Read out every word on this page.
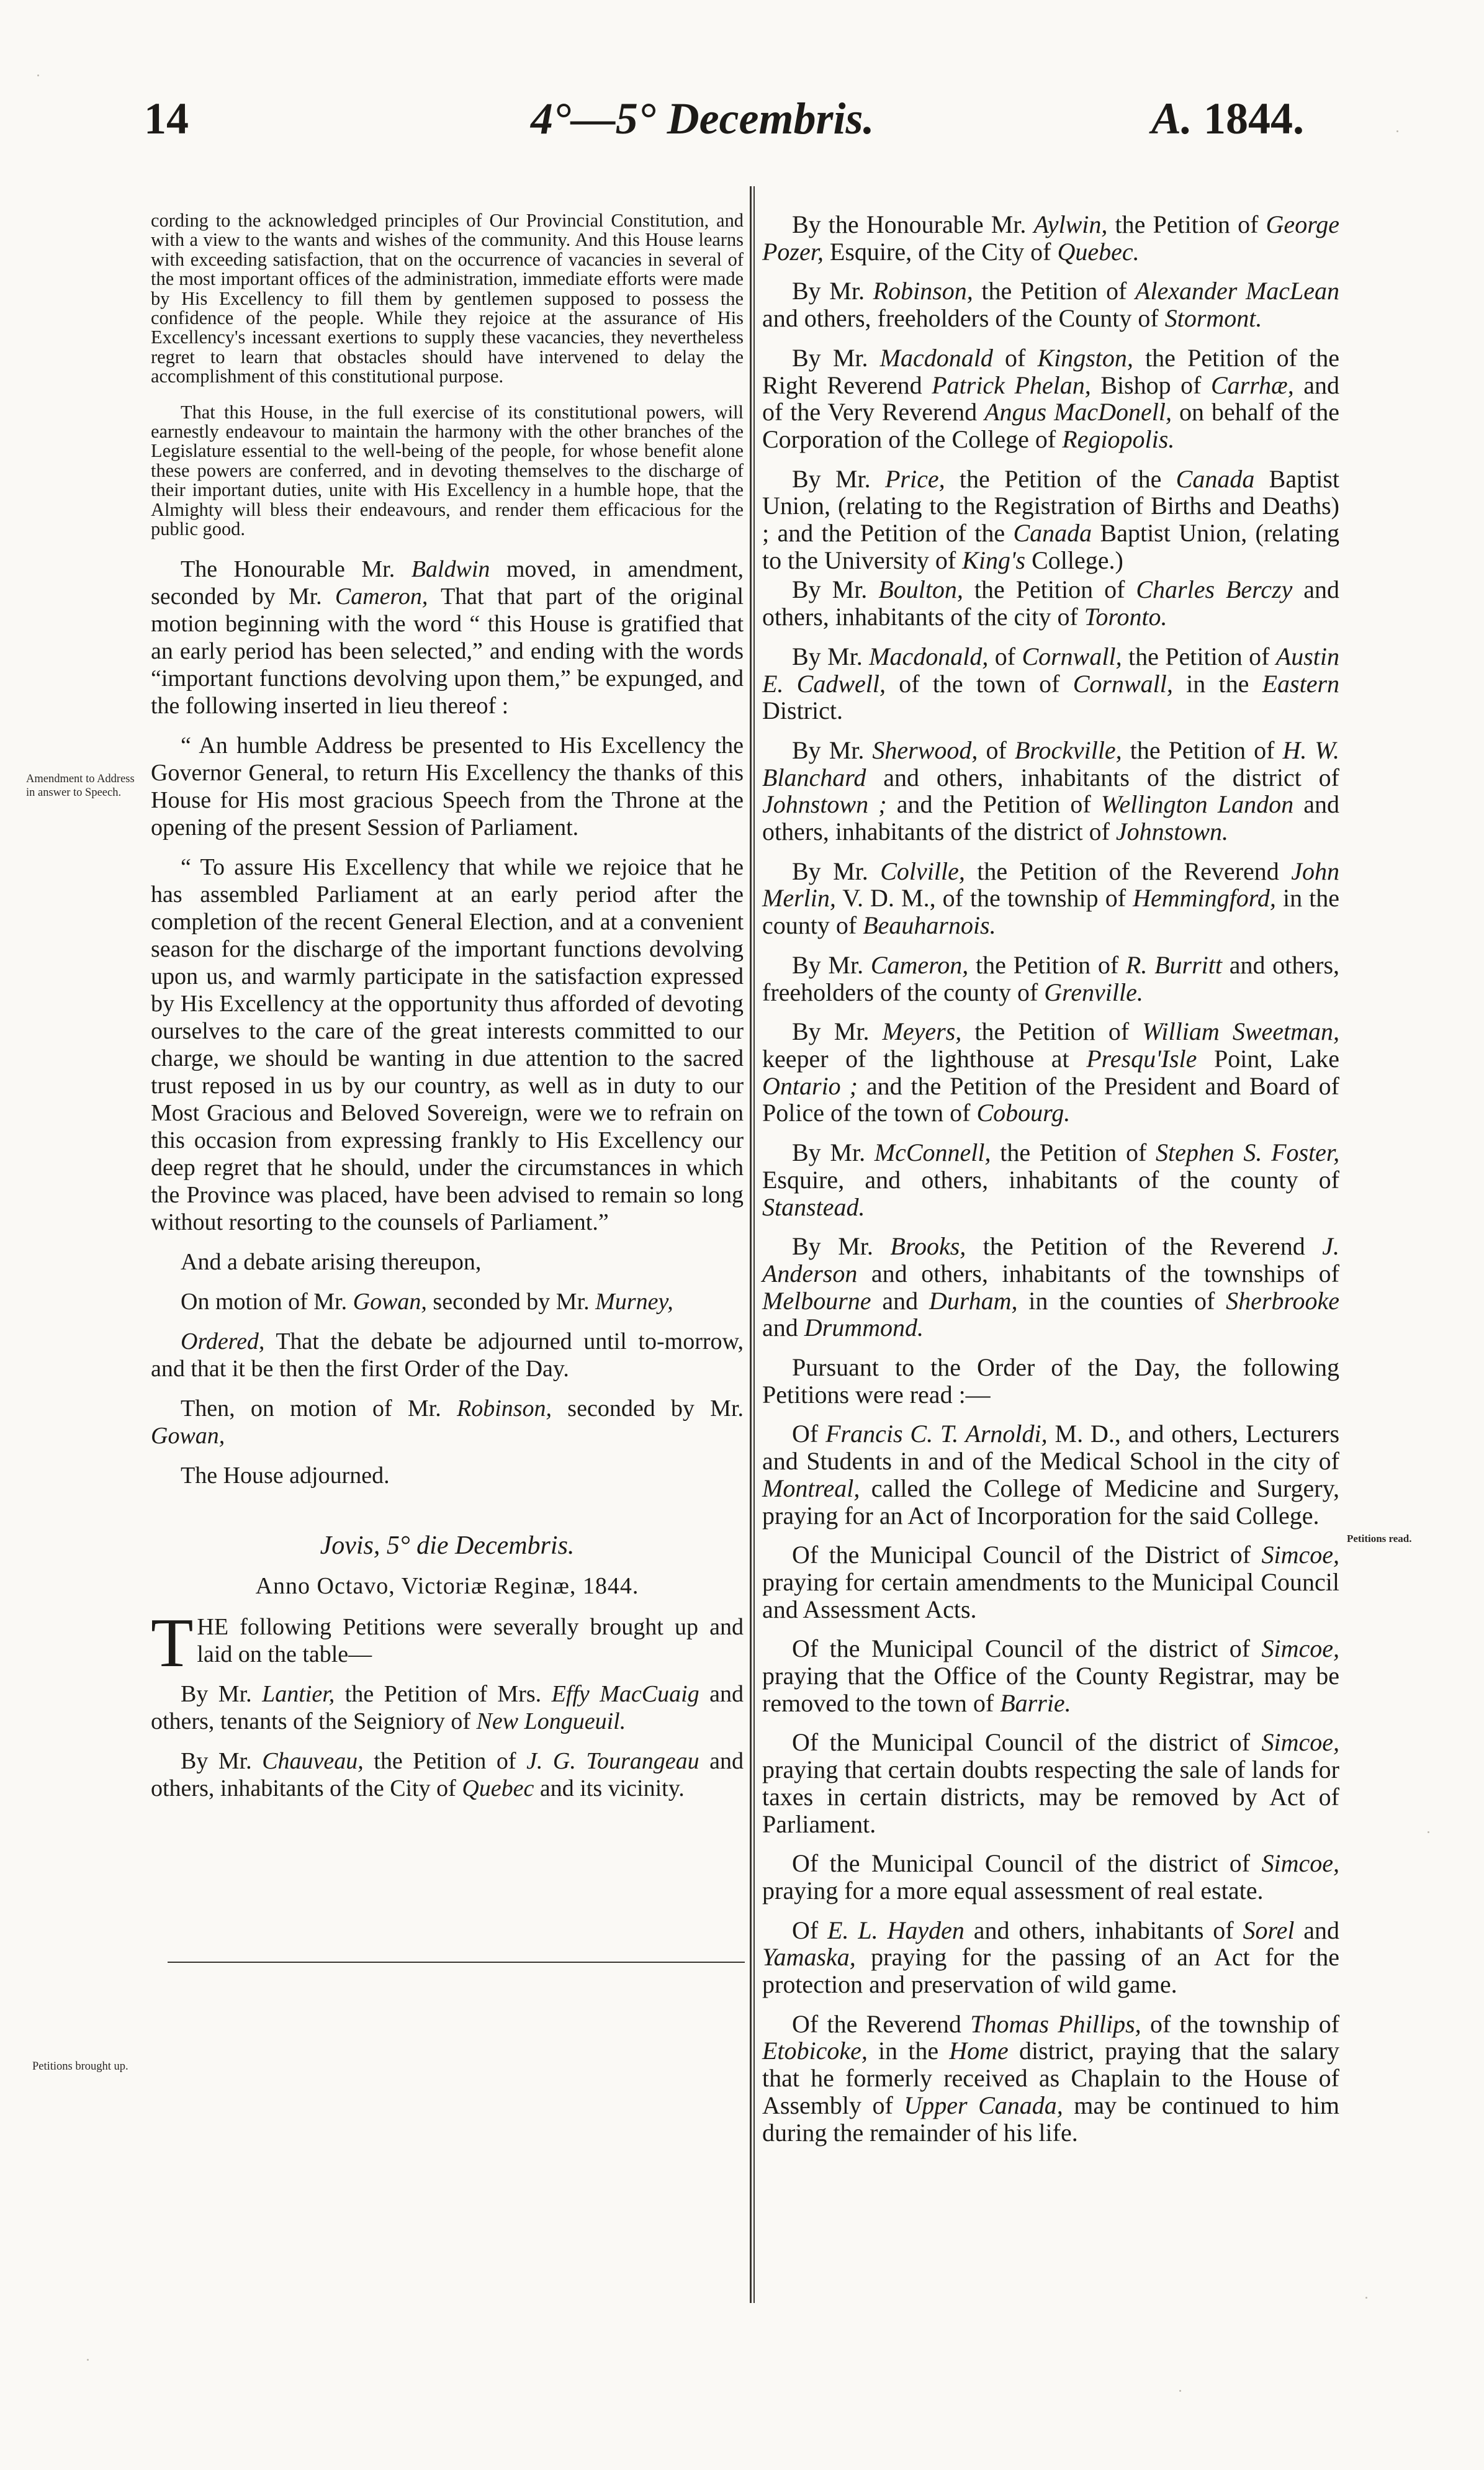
14	4°—5° Decembris.	A. 1844.
Amendment to Address in answer to Speech.
Petitions brought up.
Petitions read.

cording to the acknowledged principles of Our Provincial Constitution, and with a view to the wants and wishes of the community. And this House learns with exceeding satisfaction, that on the occurrence of vacancies in several of the most important offices of the administration, immediate efforts were made by His Excellency to fill them by gentlemen supposed to possess the confidence of the people. While they rejoice at the assurance of His Excellency's incessant exertions to supply these vacancies, they nevertheless regret to learn that obstacles should have intervened to delay the accomplishment of this constitutional purpose.

That this House, in the full exercise of its constitutional powers, will earnestly endeavour to maintain the harmony with the other branches of the Legislature essential to the well-being of the people, for whose benefit alone these powers are conferred, and in devoting themselves to the discharge of their important duties, unite with His Excellency in a humble hope, that the Almighty will bless their endeavours, and render them efficacious for the public good.

The Honourable Mr. Baldwin moved, in amendment, seconded by Mr. Cameron, That that part of the original motion beginning with the word “ this House is gratified that an early period has been selected,” and ending with the words “important functions devolving upon them,” be expunged, and the following inserted in lieu thereof :

“ An humble Address be presented to His Excellency the Governor General, to return His Excellency the thanks of this House for His most gracious Speech from the Throne at the opening of the present Session of Parliament.

“ To assure His Excellency that while we rejoice that he has assembled Parliament at an early period after the completion of the recent General Election, and at a convenient season for the discharge of the important functions devolving upon us, and warmly participate in the satisfaction expressed by His Excellency at the opportunity thus afforded of devoting ourselves to the care of the great interests committed to our charge, we should be wanting in due attention to the sacred trust reposed in us by our country, as well as in duty to our Most Gracious and Beloved Sovereign, were we to refrain on this occasion from expressing frankly to His Excellency our deep regret that he should, under the circumstances in which the Province was placed, have been advised to remain so long without resorting to the counsels of Parliament.”

And a debate arising thereupon,

On motion of Mr. Gowan, seconded by Mr. Murney,

Ordered, That the debate be adjourned until to-morrow, and that it be then the first Order of the Day.

Then, on motion of Mr. Robinson, seconded by Mr. Gowan,

The House adjourned.

Jovis, 5° die Decembris.

Anno Octavo, Victoriæ Reginæ, 1844.

THE following Petitions were severally brought up and laid on the table—

By Mr. Lantier, the Petition of Mrs. Effy MacCuaig and others, tenants of the Seigniory of New Longueuil.

By Mr. Chauveau, the Petition of J. G. Tourangeau and others, inhabitants of the City of Quebec and its vicinity.

By the Honourable Mr. Aylwin, the Petition of George Pozer, Esquire, of the City of Quebec.

By Mr. Robinson, the Petition of Alexander MacLean and others, freeholders of the County of Stormont.

By Mr. Macdonald of Kingston, the Petition of the Right Reverend Patrick Phelan, Bishop of Carrhæ, and of the Very Reverend Angus MacDonell, on behalf of the Corporation of the College of Regiopolis.

By Mr. Price, the Petition of the Canada Baptist Union, (relating to the Registration of Births and Deaths) ; and the Petition of the Canada Baptist Union, (relating to the University of King's College.)

By Mr. Boulton, the Petition of Charles Berczy and others, inhabitants of the city of Toronto.

By Mr. Macdonald, of Cornwall, the Petition of Austin E. Cadwell, of the town of Cornwall, in the Eastern District.

By Mr. Sherwood, of Brockville, the Petition of H. W. Blanchard and others, inhabitants of the district of Johnstown ; and the Petition of Wellington Landon and others, inhabitants of the district of Johnstown.

By Mr. Colville, the Petition of the Reverend John Merlin, V. D. M., of the township of Hemmingford, in the county of Beauharnois.

By Mr. Cameron, the Petition of R. Burritt and others, freeholders of the county of Grenville.

By Mr. Meyers, the Petition of William Sweetman, keeper of the lighthouse at Presqu'Isle Point, Lake Ontario ; and the Petition of the President and Board of Police of the town of Cobourg.

By Mr. McConnell, the Petition of Stephen S. Foster, Esquire, and others, inhabitants of the county of Stanstead.

By Mr. Brooks, the Petition of the Reverend J. Anderson and others, inhabitants of the townships of Melbourne and Durham, in the counties of Sherbrooke and Drummond.

Pursuant to the Order of the Day, the following Petitions were read :—

Of Francis C. T. Arnoldi, M. D., and others, Lecturers and Students in and of the Medical School in the city of Montreal, called the College of Medicine and Surgery, praying for an Act of Incorporation for the said College.

Of the Municipal Council of the District of Simcoe, praying for certain amendments to the Municipal Council and Assessment Acts.

Of the Municipal Council of the district of Simcoe, praying that the Office of the County Registrar, may be removed to the town of Barrie.

Of the Municipal Council of the district of Simcoe, praying that certain doubts respecting the sale of lands for taxes in certain districts, may be removed by Act of Parliament.

Of the Municipal Council of the district of Simcoe, praying for a more equal assessment of real estate.

Of E. L. Hayden and others, inhabitants of Sorel and Yamaska, praying for the passing of an Act for the protection and preservation of wild game.

Of the Reverend Thomas Phillips, of the township of Etobicoke, in the Home district, praying that the salary that he formerly received as Chaplain to the House of Assembly of Upper Canada, may be continued to him during the remainder of his life.
